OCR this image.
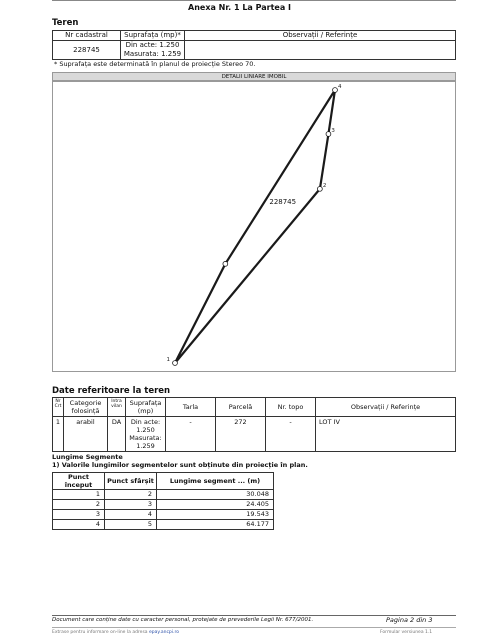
Anexa Nr. 1 La Partea I
Teren
Nr cadastral	Suprafața (mp)*	Observații / Referințe
228745	Din acte: 1.250
Masurata: 1.259	

* Suprafața este determinată în planul de proiecție Stereo 70.
DETALII LINIARE IMOBIL
1
2
3
4
228745
Date referitoare la teren
Nr Crt	Categorie folosință	Intra vilan	Suprafața (mp)	Tarla	Parcelă	Nr. topo	Observații / Referințe
1	arabil	DA	Din acte: 1.250 Masurata: 1.259	-	272	-	LOT IV
Lungime Segmente
1) Valorile lungimilor segmentelor sunt obținute din proiecție în plan.
Punct început	Punct sfârșit	Lungime segment ... (m)
1	2	30.048
2	3	24.405
3	4	19.543
4	5	64.177
Document care conține date cu caracter personal, protejate de prevederile Legii Nr. 677/2001.	Pagina 2 din 3
Extrase pentru informare on-line la adresa epay.ancpi.ro	Formular versiunea 1.1
